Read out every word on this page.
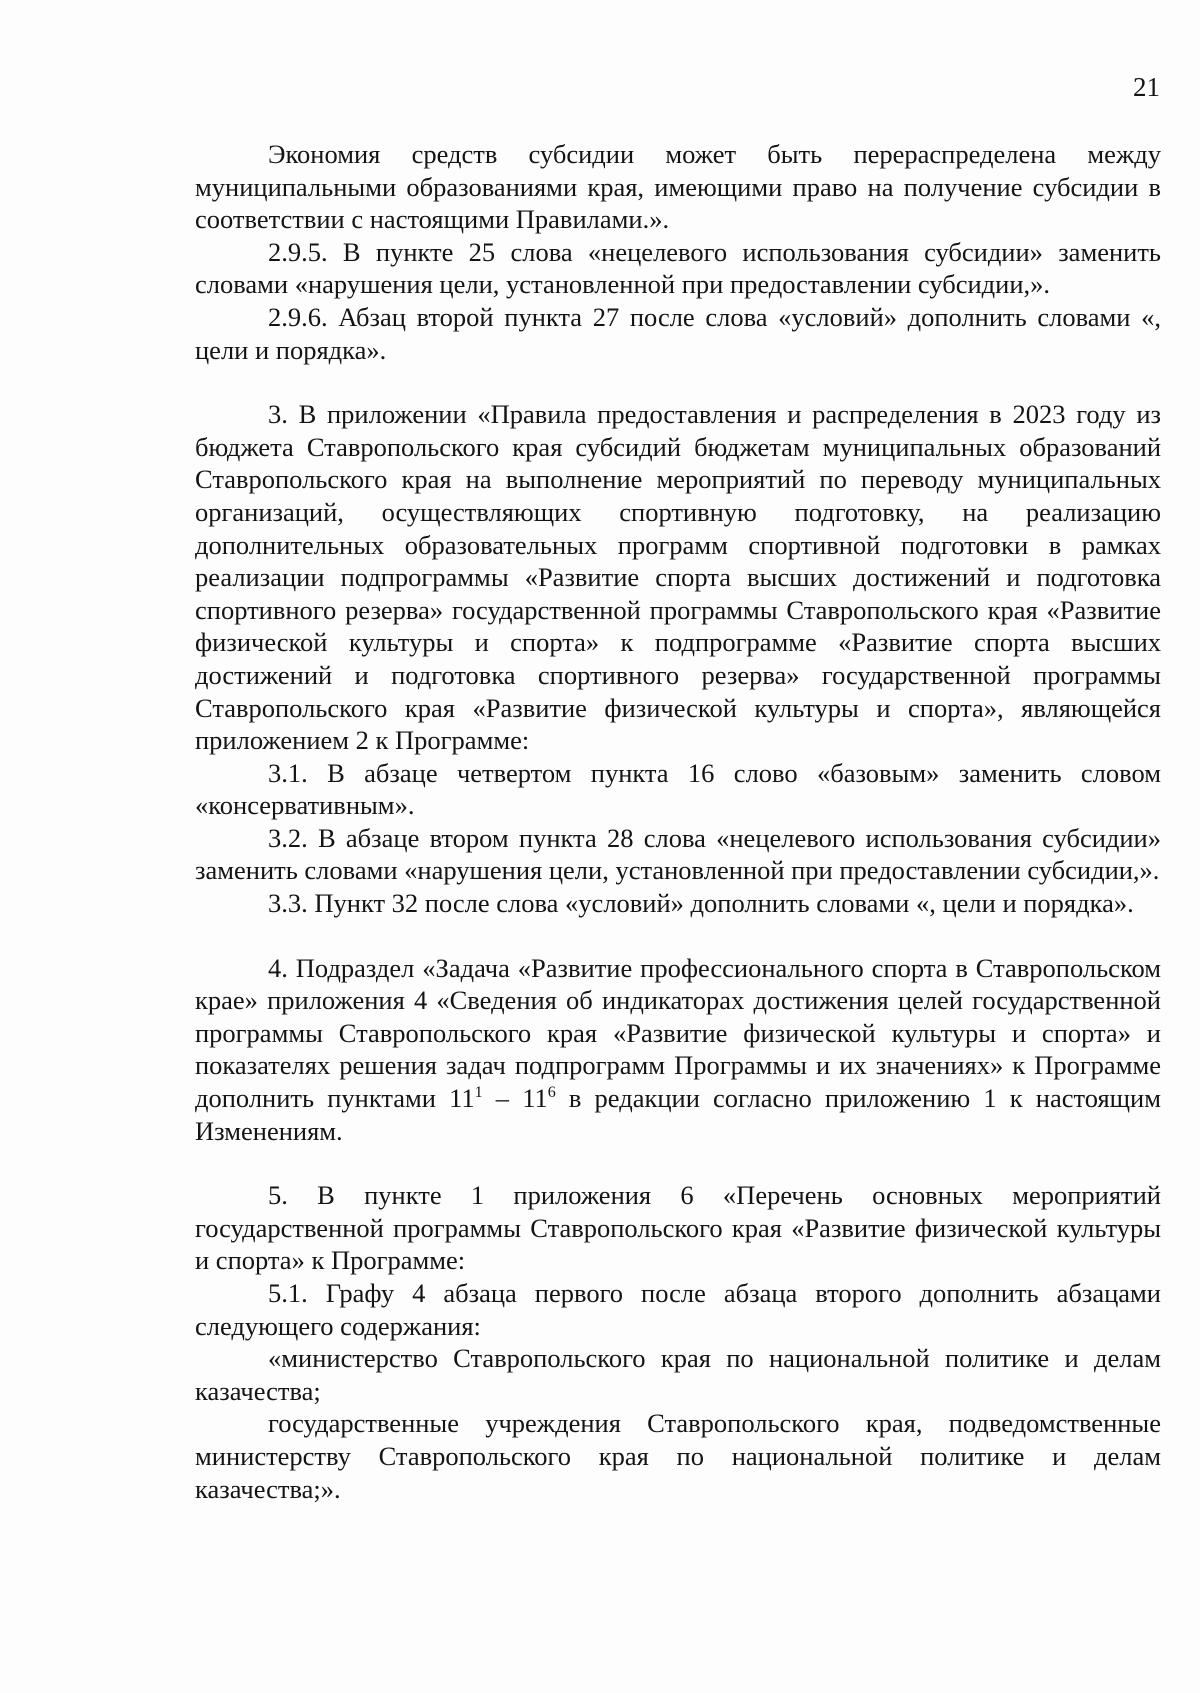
21

Экономия средств субсидии может быть перераспределена между муниципальными образованиями края, имеющими право на получение субсидии в соответствии с настоящими Правилами.».

2.9.5. В пункте 25 слова «нецелевого использования субсидии» заменить словами «нарушения цели, установленной при предоставлении субсидии,».

2.9.6. Абзац второй пункта 27 после слова «условий» дополнить словами «, цели и порядка».

3. В приложении «Правила предоставления и распределения в 2023 году из бюджета Ставропольского края субсидий бюджетам муниципальных образований Ставропольского края на выполнение мероприятий по переводу муниципальных организаций, осуществляющих спортивную подготовку, на реализацию дополнительных образовательных программ спортивной подготовки в рамках реализации подпрограммы «Развитие спорта высших достижений и подготовка спортивного резерва» государственной программы Ставропольского края «Развитие физической культуры и спорта» к подпрограмме «Развитие спорта высших достижений и подготовка спортивного резерва» государственной программы Ставропольского края «Развитие физической культуры и спорта», являющейся приложением 2 к Программе:

3.1. В абзаце четвертом пункта 16 слово «базовым» заменить словом «консервативным».

3.2. В абзаце втором пункта 28 слова «нецелевого использования субсидии» заменить словами «нарушения цели, установленной при предоставлении субсидии,».

3.3. Пункт 32 после слова «условий» дополнить словами «, цели и порядка».

4. Подраздел «Задача «Развитие профессионального спорта в Ставропольском крае» приложения 4 «Сведения об индикаторах достижения целей государственной программы Ставропольского края «Развитие физической культуры и спорта» и показателях решения задач подпрограмм Программы и их значениях» к Программе дополнить пунктами $11^1 - 11^6$ в редакции согласно приложению 1 к настоящим Изменениям.

5. В пункте 1 приложения 6 «Перечень основных мероприятий государственной программы Ставропольского края «Развитие физической культуры и спорта» к Программе:

5.1. Графу 4 абзаца первого после абзаца второго дополнить абзацами следующего содержания:

«министерство Ставропольского края по национальной политике и делам казачества;

государственные учреждения Ставропольского края, подведомственные министерству Ставропольского края по национальной политике и делам казачества;».
